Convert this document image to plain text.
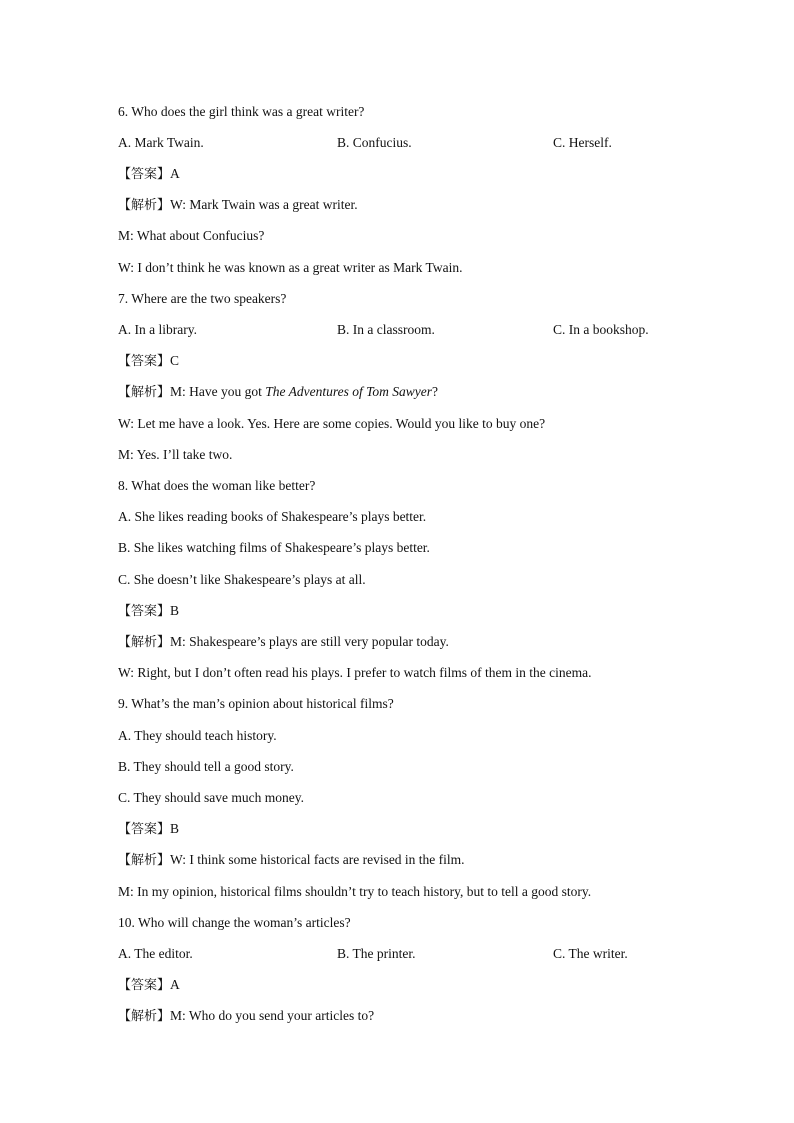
6. Who does the girl think was a great writer?
A. Mark Twain.	B. Confucius.	C. Herself.
【答案】A
【解析】W: Mark Twain was a great writer.
M: What about Confucius?
W: I don’t think he was known as a great writer as Mark Twain.
7. Where are the two speakers?
A. In a library.	B. In a classroom.	C. In a bookshop.
【答案】C
【解析】M: Have you got The Adventures of Tom Sawyer?
W: Let me have a look. Yes. Here are some copies. Would you like to buy one?
M: Yes. I’ll take two.
8. What does the woman like better?
A. She likes reading books of Shakespeare’s plays better.
B. She likes watching films of Shakespeare’s plays better.
C. She doesn’t like Shakespeare’s plays at all.
【答案】B
【解析】M: Shakespeare’s plays are still very popular today.
W: Right, but I don’t often read his plays. I prefer to watch films of them in the cinema.
9. What’s the man’s opinion about historical films?
A. They should teach history.
B. They should tell a good story.
C. They should save much money.
【答案】B
【解析】W: I think some historical facts are revised in the film.
M: In my opinion, historical films shouldn’t try to teach history, but to tell a good story.
10. Who will change the woman’s articles?
A. The editor.	B. The printer.	C. The writer.
【答案】A
【解析】M: Who do you send your articles to?
